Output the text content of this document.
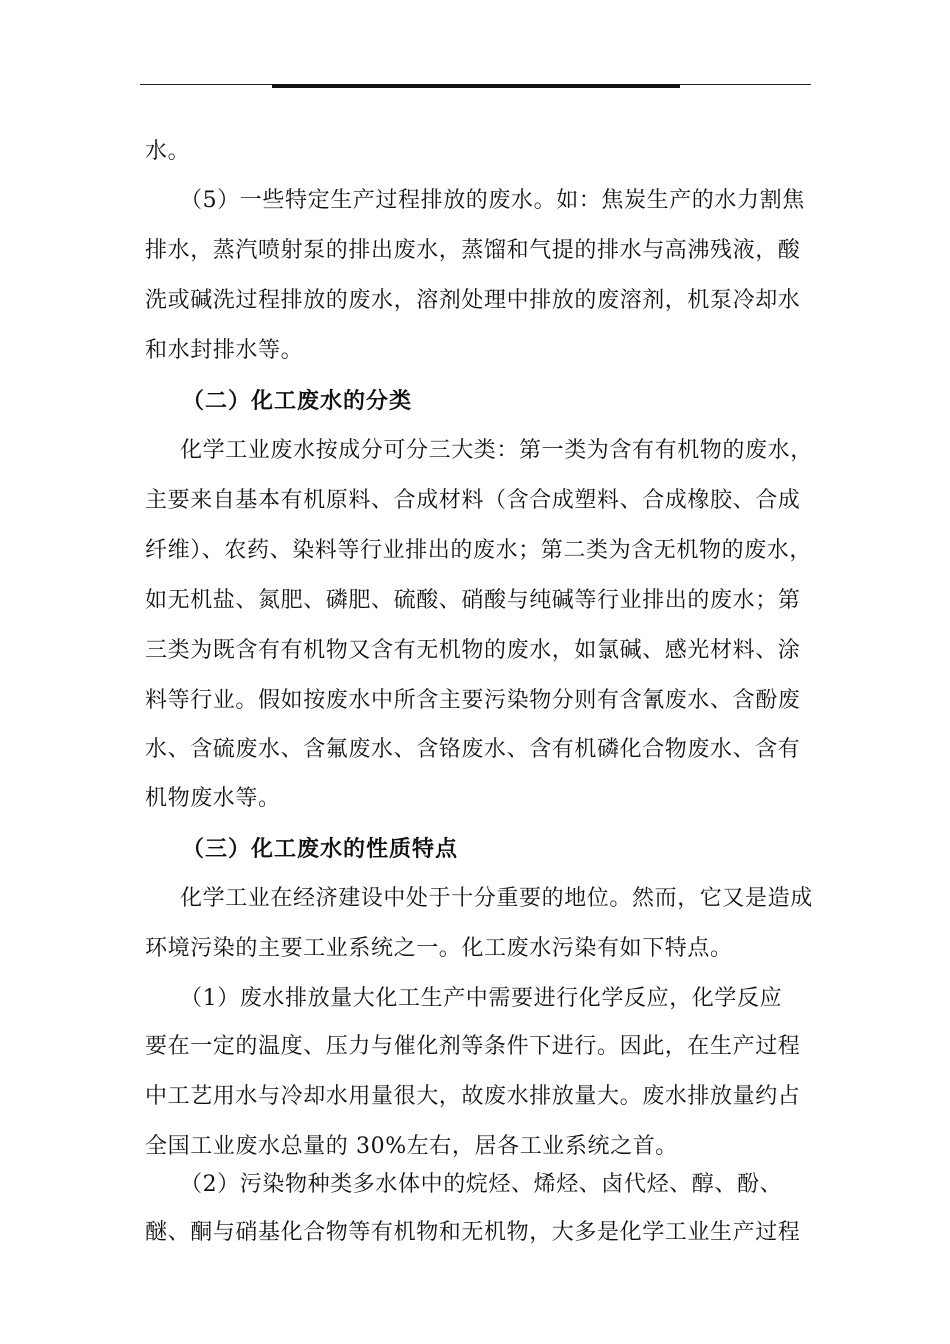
水。
（5）一些特定生产过程排放的废水。如：焦炭生产的水力割焦
排水，蒸汽喷射泵的排出废水，蒸馏和气提的排水与高沸残液，酸
洗或碱洗过程排放的废水，溶剂处理中排放的废溶剂，机泵冷却水
和水封排水等。
（二）化工废水的分类
化学工业废水按成分可分三大类：第一类为含有有机物的废水，
主要来自基本有机原料、合成材料（含合成塑料、合成橡胶、合成
纤维）、农药、染料等行业排出的废水；第二类为含无机物的废水，
如无机盐、氮肥、磷肥、硫酸、硝酸与纯碱等行业排出的废水；第
三类为既含有有机物又含有无机物的废水，如氯碱、感光材料、涂
料等行业。假如按废水中所含主要污染物分则有含氰废水、含酚废
水、含硫废水、含氟废水、含铬废水、含有机磷化合物废水、含有
机物废水等。
（三）化工废水的性质特点
化学工业在经济建设中处于十分重要的地位。然而，它又是造成
环境污染的主要工业系统之一。化工废水污染有如下特点。
（1）废水排放量大化工生产中需要进行化学反应，化学反应
要在一定的温度、压力与催化剂等条件下进行。因此，在生产过程
中工艺用水与冷却水用量很大，故废水排放量大。废水排放量约占
全国工业废水总量的 30%左右，居各工业系统之首。
（2）污染物种类多水体中的烷烃、烯烃、卤代烃、醇、酚、
醚、酮与硝基化合物等有机物和无机物，大多是化学工业生产过程
